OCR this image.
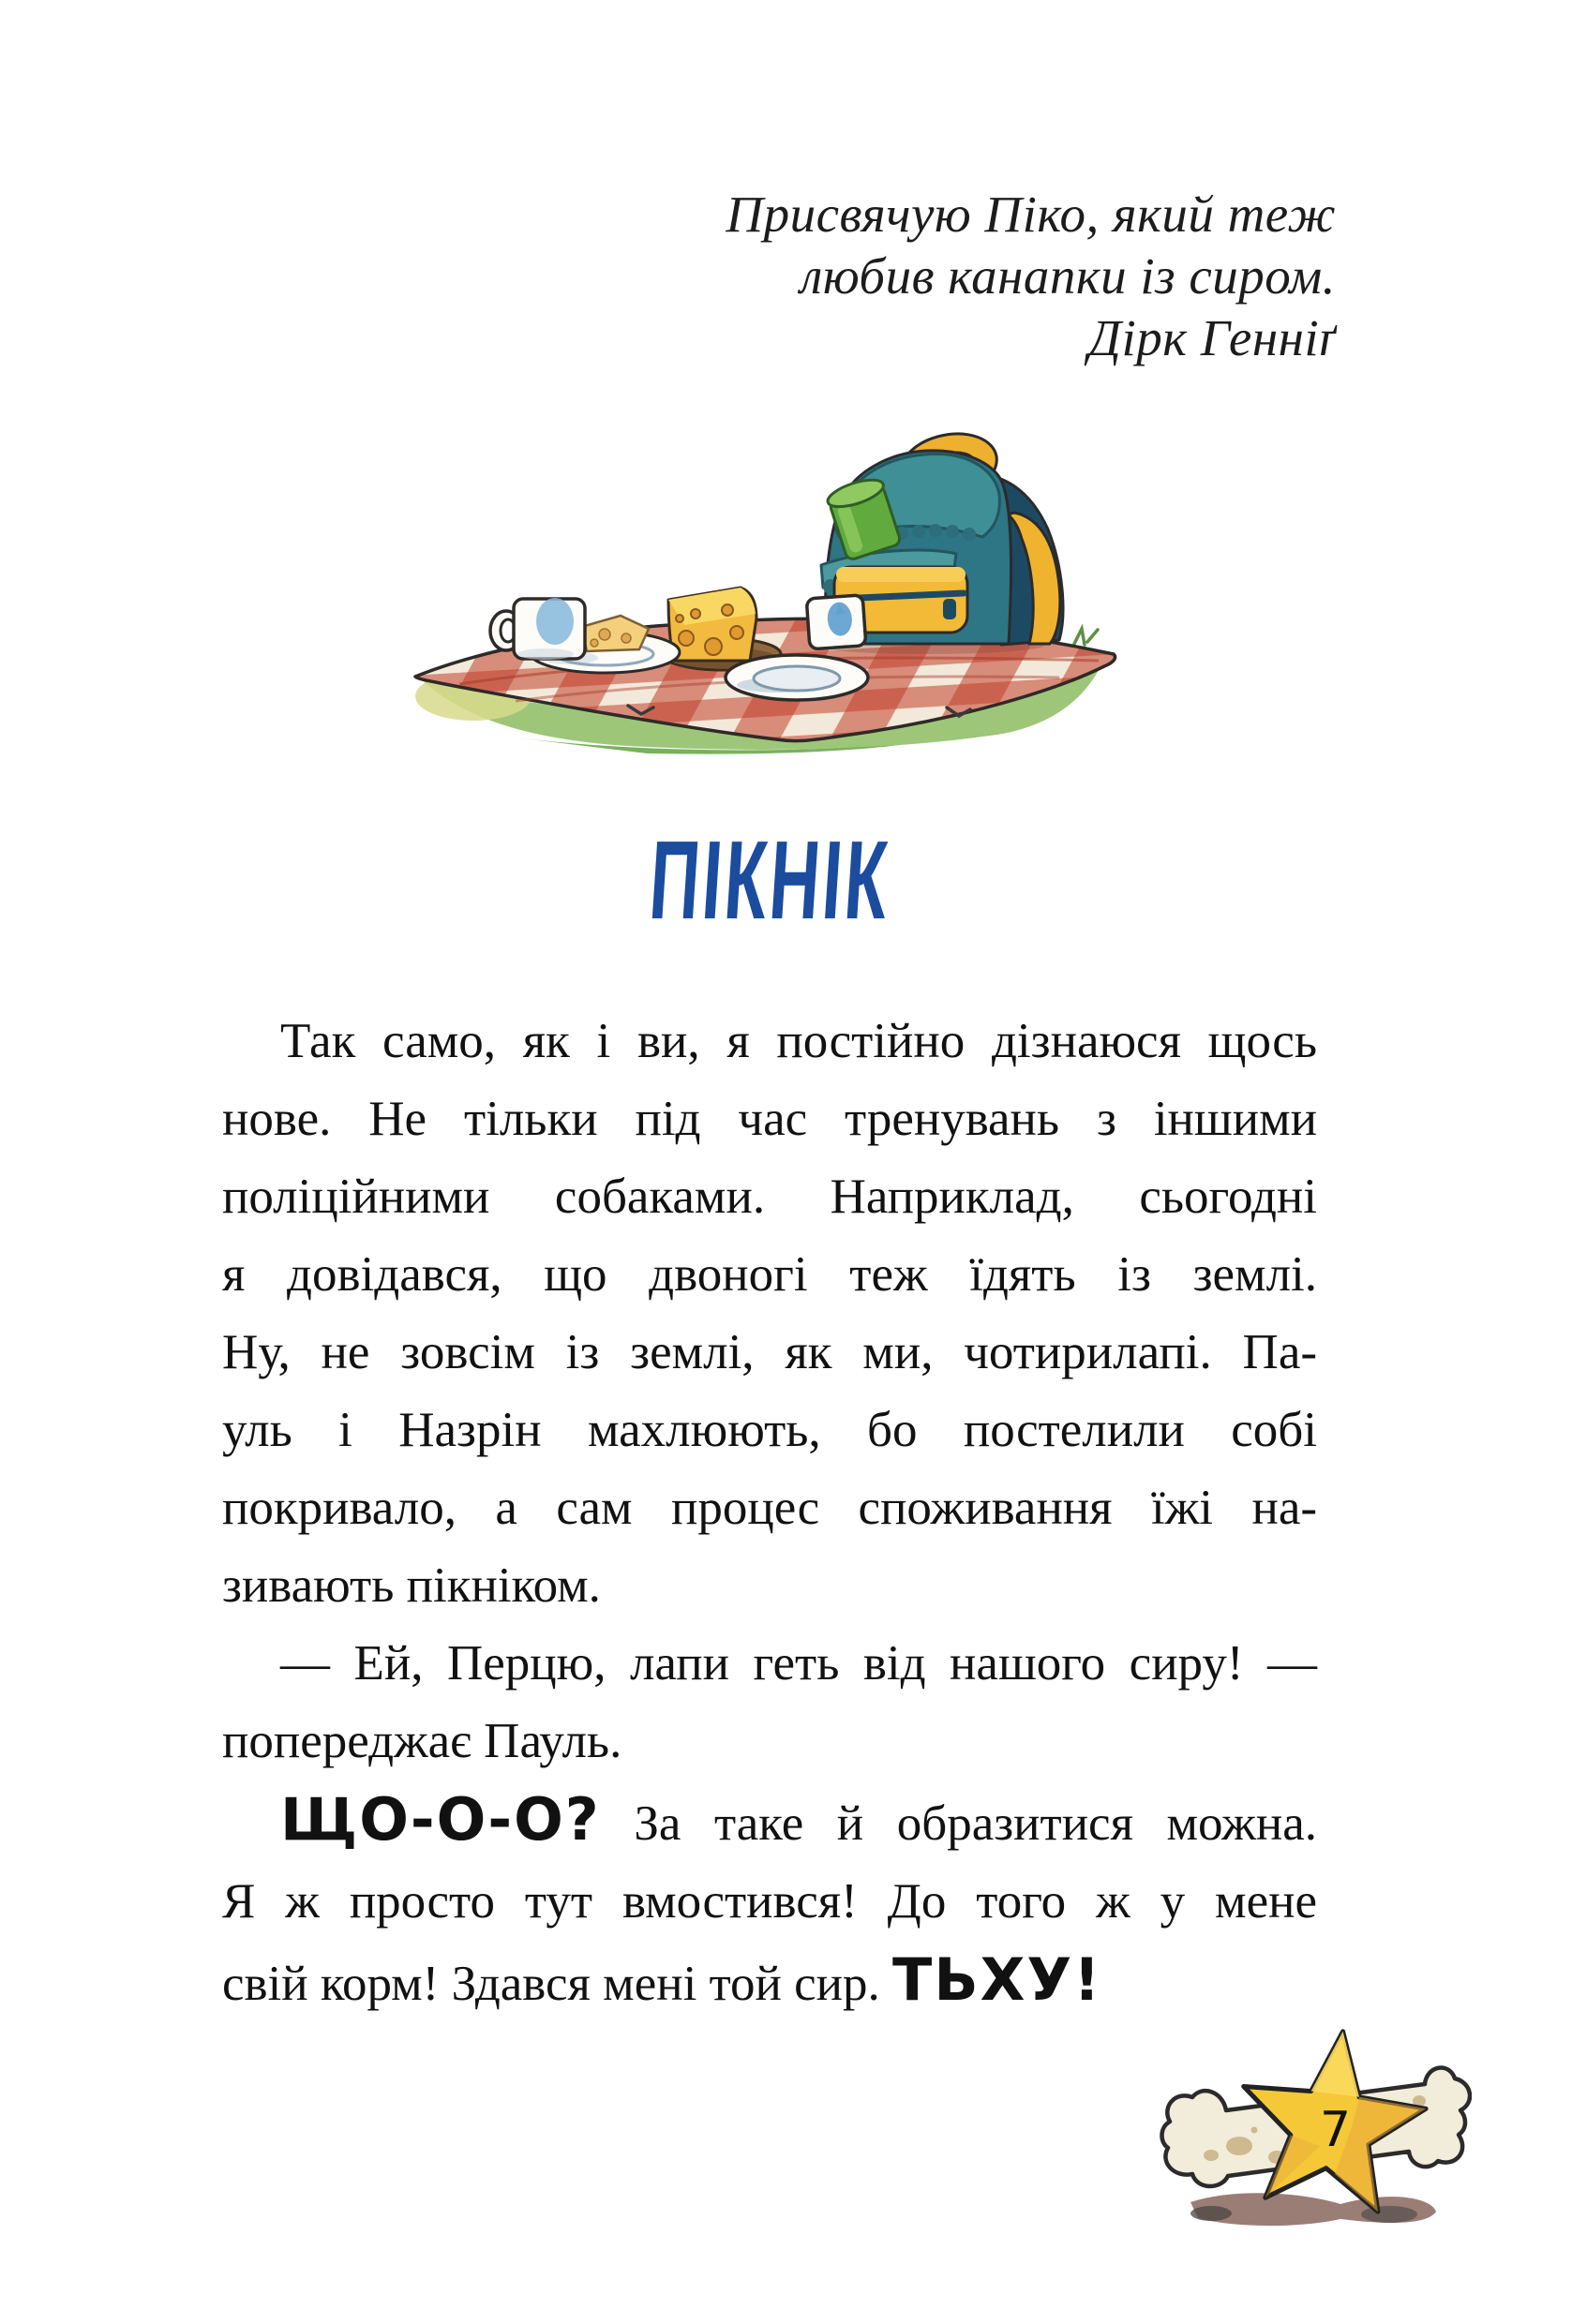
Присвячую Піко, який теж
любив канапки із сиром.
Дірк Генніґ
ПІКНІК
Так само, як і ви, я постійно дізнаюся щось
нове. Не тільки під час тренувань з іншими
поліційними собаками. Наприклад, сьогодні
я довідався, що двоногі теж їдять із землі.
Ну, не зовсім із землі, як ми, чотирилапі. Па-
уль і Назрін махлюють, бо постелили собі
покривало, а сам процес споживання їжі на-
зивають пікніком.
— Ей, Перцю, лапи геть від нашого сиру! —
попереджає Пауль.
ЩО-О-О? За таке й образитися можна.
Я ж просто тут вмостився! До того ж у мене
свій корм! Здався мені той сир. ТЬХУ!
7
